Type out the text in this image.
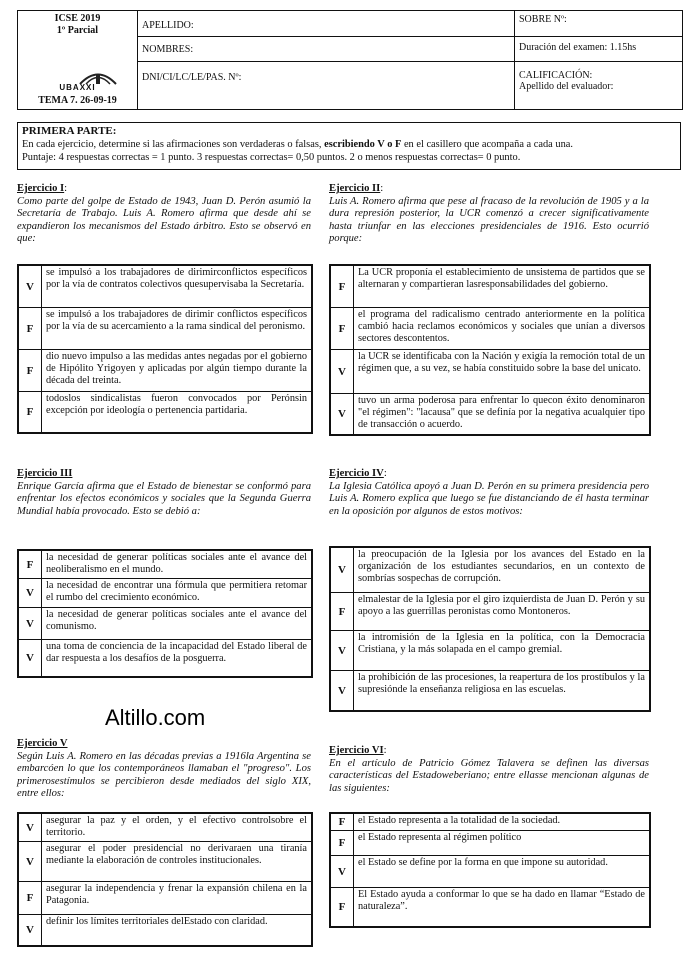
ICSE 2019
1º Parcial
UBAXXI
TEMA 7. 26-09-19
APELLIDO:
NOMBRES:
DNI/CI/LC/LE/PAS. Nº:
SOBRE Nº:
Duración del examen: 1.15hs
CALIFICACIÓN:
Apellido del evaluador:
PRIMERA PARTE:
En cada ejercicio, determine si las afirmaciones son verdaderas o falsas, escribiendo V o F en el casillero que acompaña a cada una.
Puntaje: 4 respuestas correctas = 1 punto. 3 respuestas correctas= 0,50 puntos. 2 o menos respuestas correctas= 0 punto.
Ejercicio I:
Como parte del golpe de Estado de 1943, Juan D. Perón asumió la Secretaría de Trabajo. Luis A. Romero afirma que desde ahí se expandieron los mecanismos del Estado árbitro. Esto se observó en que:
V	se impulsó a los trabajadores de dirimirconflictos específicos por la vía de contratos colectivos quesupervisaba la Secretaría.
F	se impulsó a los trabajadores de dirimir conflictos específicos por la vía de su acercamiento a la rama sindical del peronismo.
F	dio nuevo impulso a las medidas antes negadas por el gobierno de Hipólito Yrigoyen y aplicadas por algún tiempo durante la década del treinta.
F	todoslos sindicalistas fueron convocados por Perónsin excepción por ideología o pertenencia partidaria.
Ejercicio II:
Luis A. Romero afirma que pese al fracaso de la revolución de 1905 y a la dura represión posterior, la UCR comenzó a crecer significativamente hasta triunfar en las elecciones presidenciales de 1916. Esto ocurrió porque:
F	La UCR proponía el establecimiento de unsistema de partidos que se alternaran y compartieran lasresponsabilidades del gobierno.
F	el programa del radicalismo centrado anteriormente en la política cambió hacia reclamos económicos y sociales que unían a diversos sectores descontentos.
V	la UCR se identificaba con la Nación y exigía la remoción total de un régimen que, a su vez, se había constituido sobre la base del unicato.
V	tuvo un arma poderosa para enfrentar lo quecon éxito denominaron "el régimen": "lacausa" que se definía por la negativa acualquier tipo de transacción o acuerdo.
Ejercicio III
Enrique García afirma que el Estado de bienestar se conformó para enfrentar los efectos económicos y sociales que la Segunda Guerra Mundial había provocado. Esto se debió a:
F	la necesidad de generar políticas sociales ante el avance del neoliberalismo en el mundo.
V	la necesidad de encontrar una fórmula que permitiera retomar el rumbo del crecimiento económico.
V	la necesidad de generar políticas sociales ante el avance del comunismo.
V	una toma de conciencia de la incapacidad del Estado liberal de dar respuesta a los desafíos de la posguerra.
Altillo.com
Ejercicio IV:
La Iglesia Católica apoyó a Juan D. Perón en su primera presidencia pero Luis A. Romero explica que luego se fue distanciando de él hasta terminar en la oposición por algunos de estos motivos:
V	la preocupación de la Iglesia por los avances del Estado en la organización de los estudiantes secundarios, en un contexto de sombrías sospechas de corrupción.
F	elmalestar de la Iglesia por el giro izquierdista de Juan D. Perón y su apoyo a las guerrillas peronistas como Montoneros.
V	la intromisión de la Iglesia en la política, con la Democracia Cristiana, y la más solapada en el campo gremial.
V	la prohibición de las procesiones, la reapertura de los prostíbulos y la supresiónde la enseñanza religiosa en las escuelas.
Ejercicio V
Según Luis A. Romero en las décadas previas a 1916la Argentina se embarcóen lo que los contemporáneos llamaban el "progreso". Los primerosestímulos se percibieron desde mediados del siglo XIX, entre ellos:
V	asegurar la paz y el orden, y el efectivo controlsobre el territorio.
V	asegurar el poder presidencial no derivaraen una tiranía mediante la elaboración de controles institucionales.
F	asegurar la independencia y frenar la expansión chilena en la Patagonia.
V	definir los límites territoriales delEstado con claridad.
Ejercicio VI:
En el artículo de Patricio Gómez Talavera se definen las diversas características del Estadoweberiano; entre ellasse mencionan algunas de las siguientes:
F	el Estado representa a la totalidad de la sociedad.
F	el Estado representa al régimen político
V	el Estado se define por la forma en que impone su autoridad.
F	El Estado ayuda a conformar lo que se ha dado en llamar “Estado de naturaleza”.
